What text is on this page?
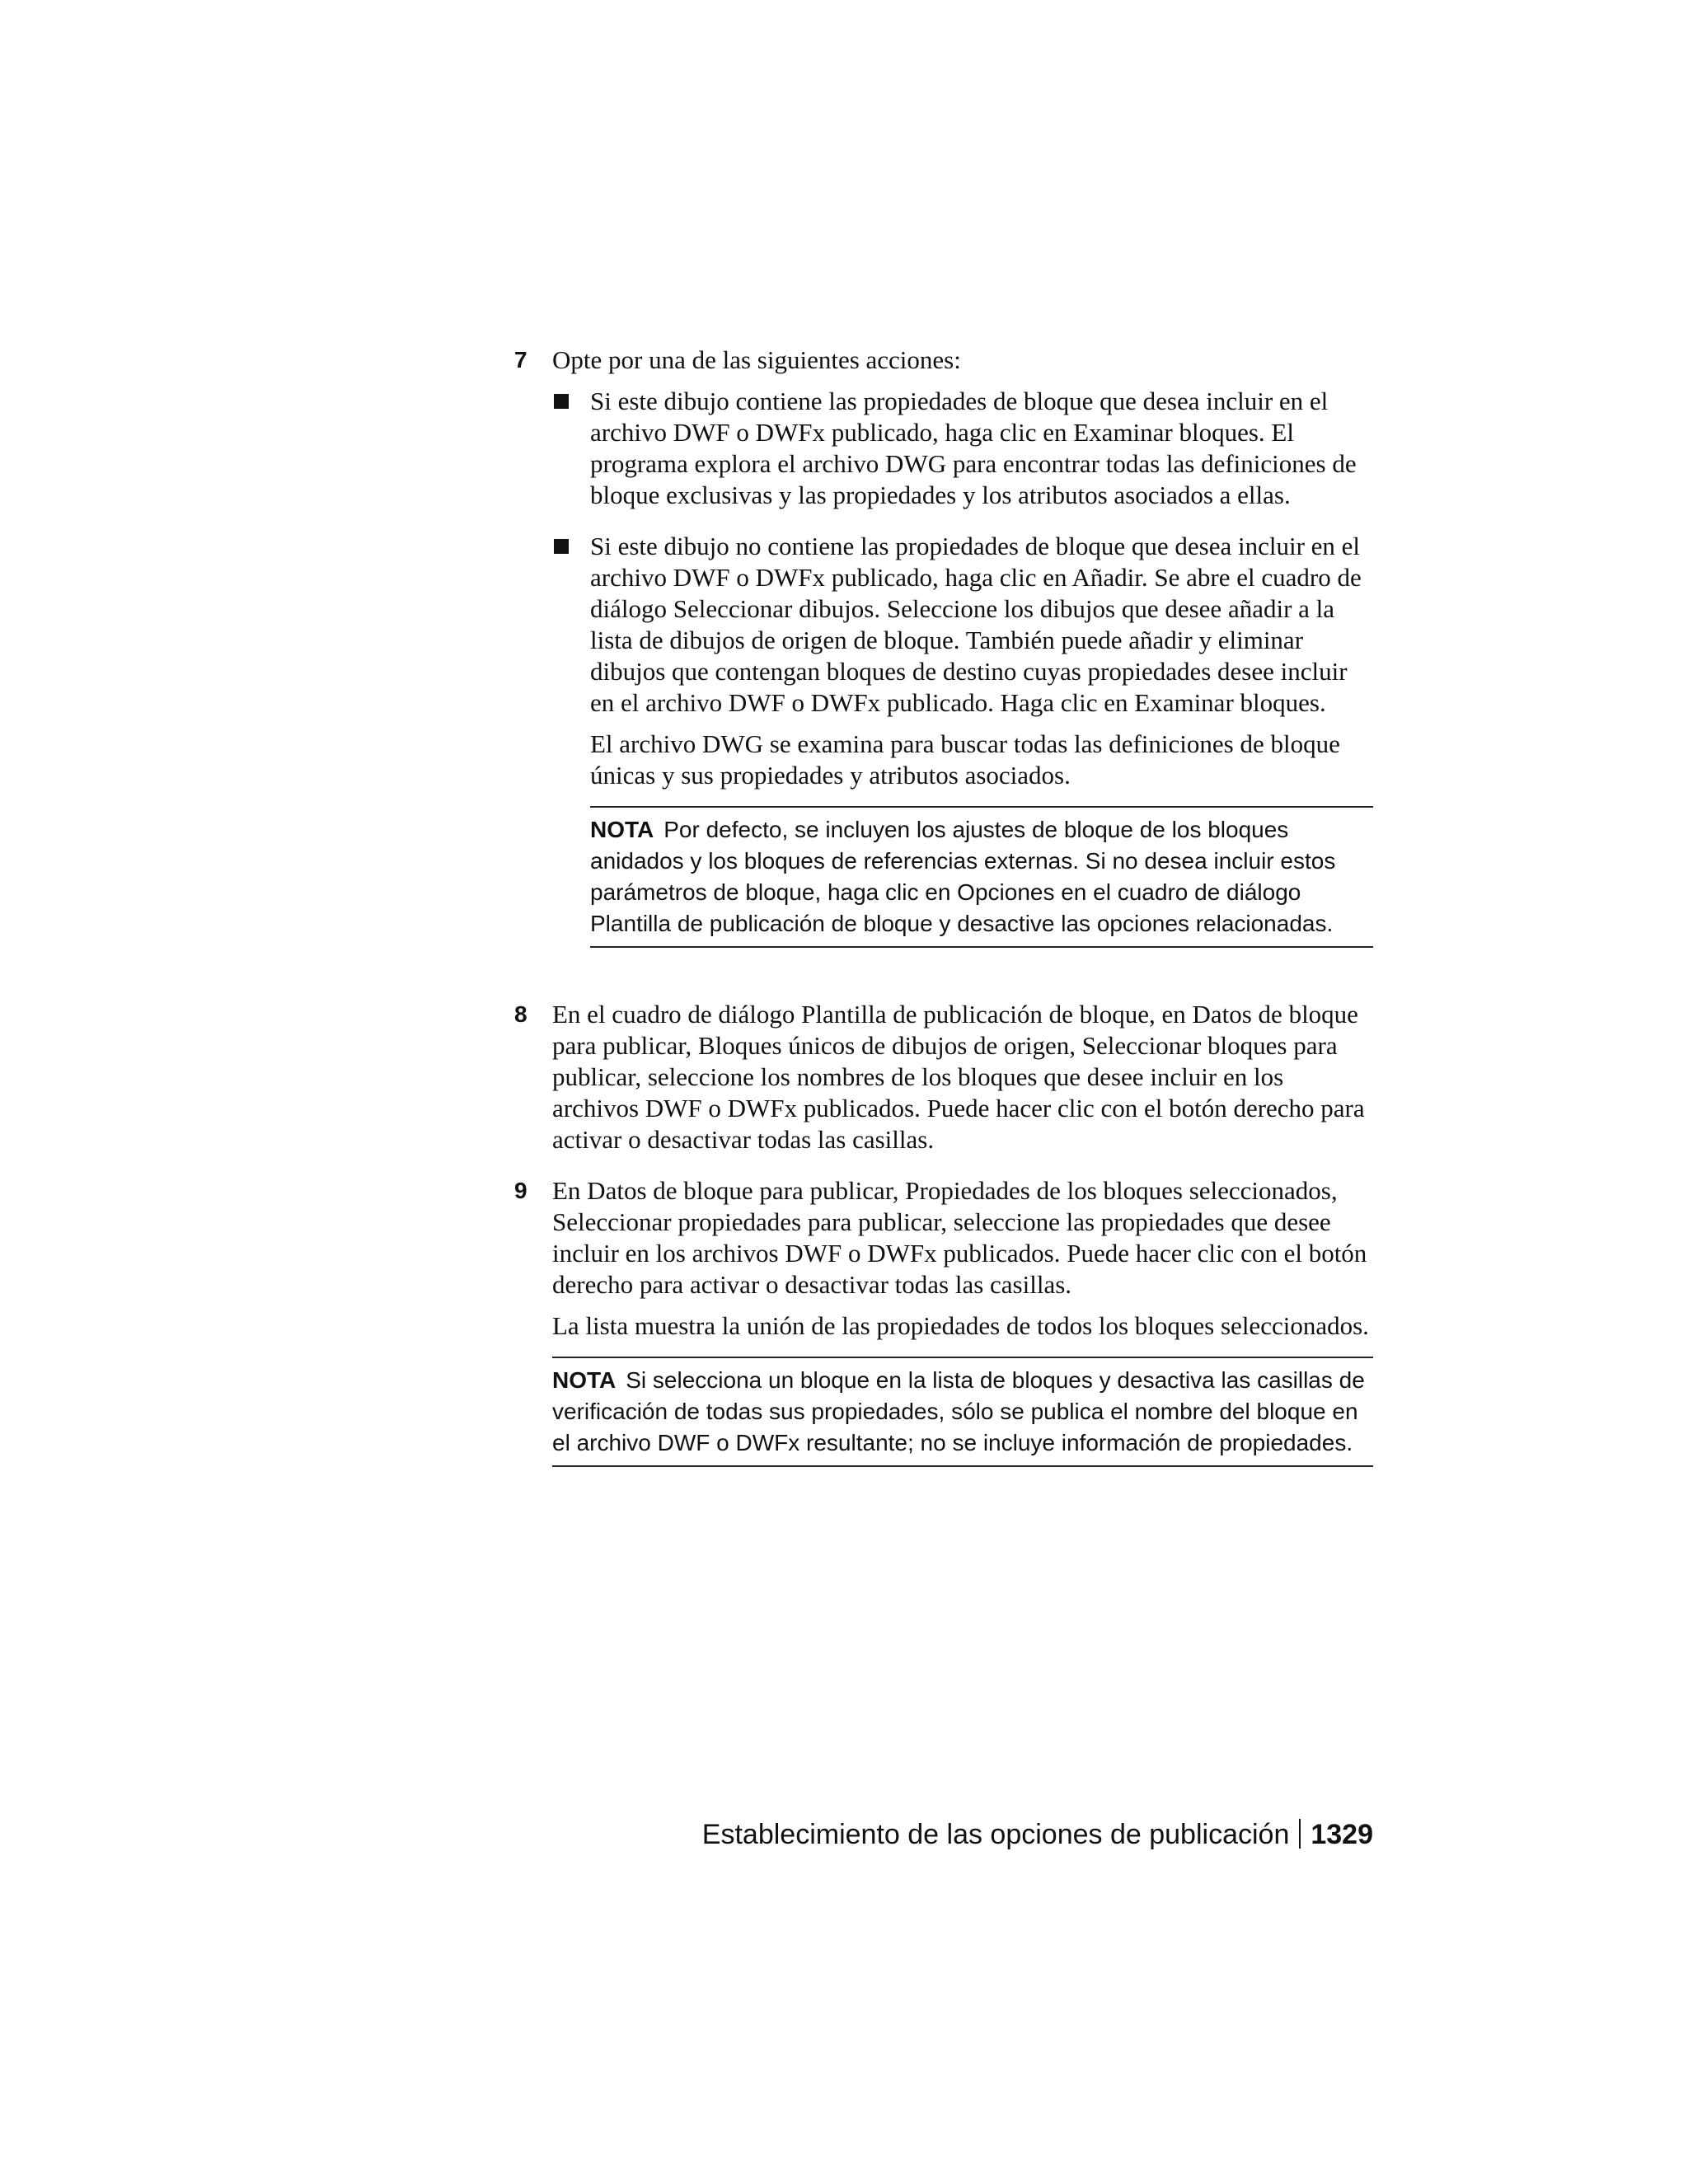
7 Opte por una de las siguientes acciones:

Si este dibujo contiene las propiedades de bloque que desea incluir en el archivo DWF o DWFx publicado, haga clic en Examinar bloques. El programa explora el archivo DWG para encontrar todas las definiciones de bloque exclusivas y las propiedades y los atributos asociados a ellas.

Si este dibujo no contiene las propiedades de bloque que desea incluir en el archivo DWF o DWFx publicado, haga clic en Añadir. Se abre el cuadro de diálogo Seleccionar dibujos. Seleccione los dibujos que desee añadir a la lista de dibujos de origen de bloque. También puede añadir y eliminar dibujos que contengan bloques de destino cuyas propiedades desee incluir en el archivo DWF o DWFx publicado. Haga clic en Examinar bloques.

El archivo DWG se examina para buscar todas las definiciones de bloque únicas y sus propiedades y atributos asociados.

NOTA Por defecto, se incluyen los ajustes de bloque de los bloques anidados y los bloques de referencias externas. Si no desea incluir estos parámetros de bloque, haga clic en Opciones en el cuadro de diálogo Plantilla de publicación de bloque y desactive las opciones relacionadas.
8 En el cuadro de diálogo Plantilla de publicación de bloque, en Datos de bloque para publicar, Bloques únicos de dibujos de origen, Seleccionar bloques para publicar, seleccione los nombres de los bloques que desee incluir en los archivos DWF o DWFx publicados. Puede hacer clic con el botón derecho para activar o desactivar todas las casillas.

9 En Datos de bloque para publicar, Propiedades de los bloques seleccionados, Seleccionar propiedades para publicar, seleccione las propiedades que desee incluir en los archivos DWF o DWFx publicados. Puede hacer clic con el botón derecho para activar o desactivar todas las casillas.

La lista muestra la unión de las propiedades de todos los bloques seleccionados.

NOTA Si selecciona un bloque en la lista de bloques y desactiva las casillas de verificación de todas sus propiedades, sólo se publica el nombre del bloque en el archivo DWF o DWFx resultante; no se incluye información de propiedades.
Establecimiento de las opciones de publicación 1329
